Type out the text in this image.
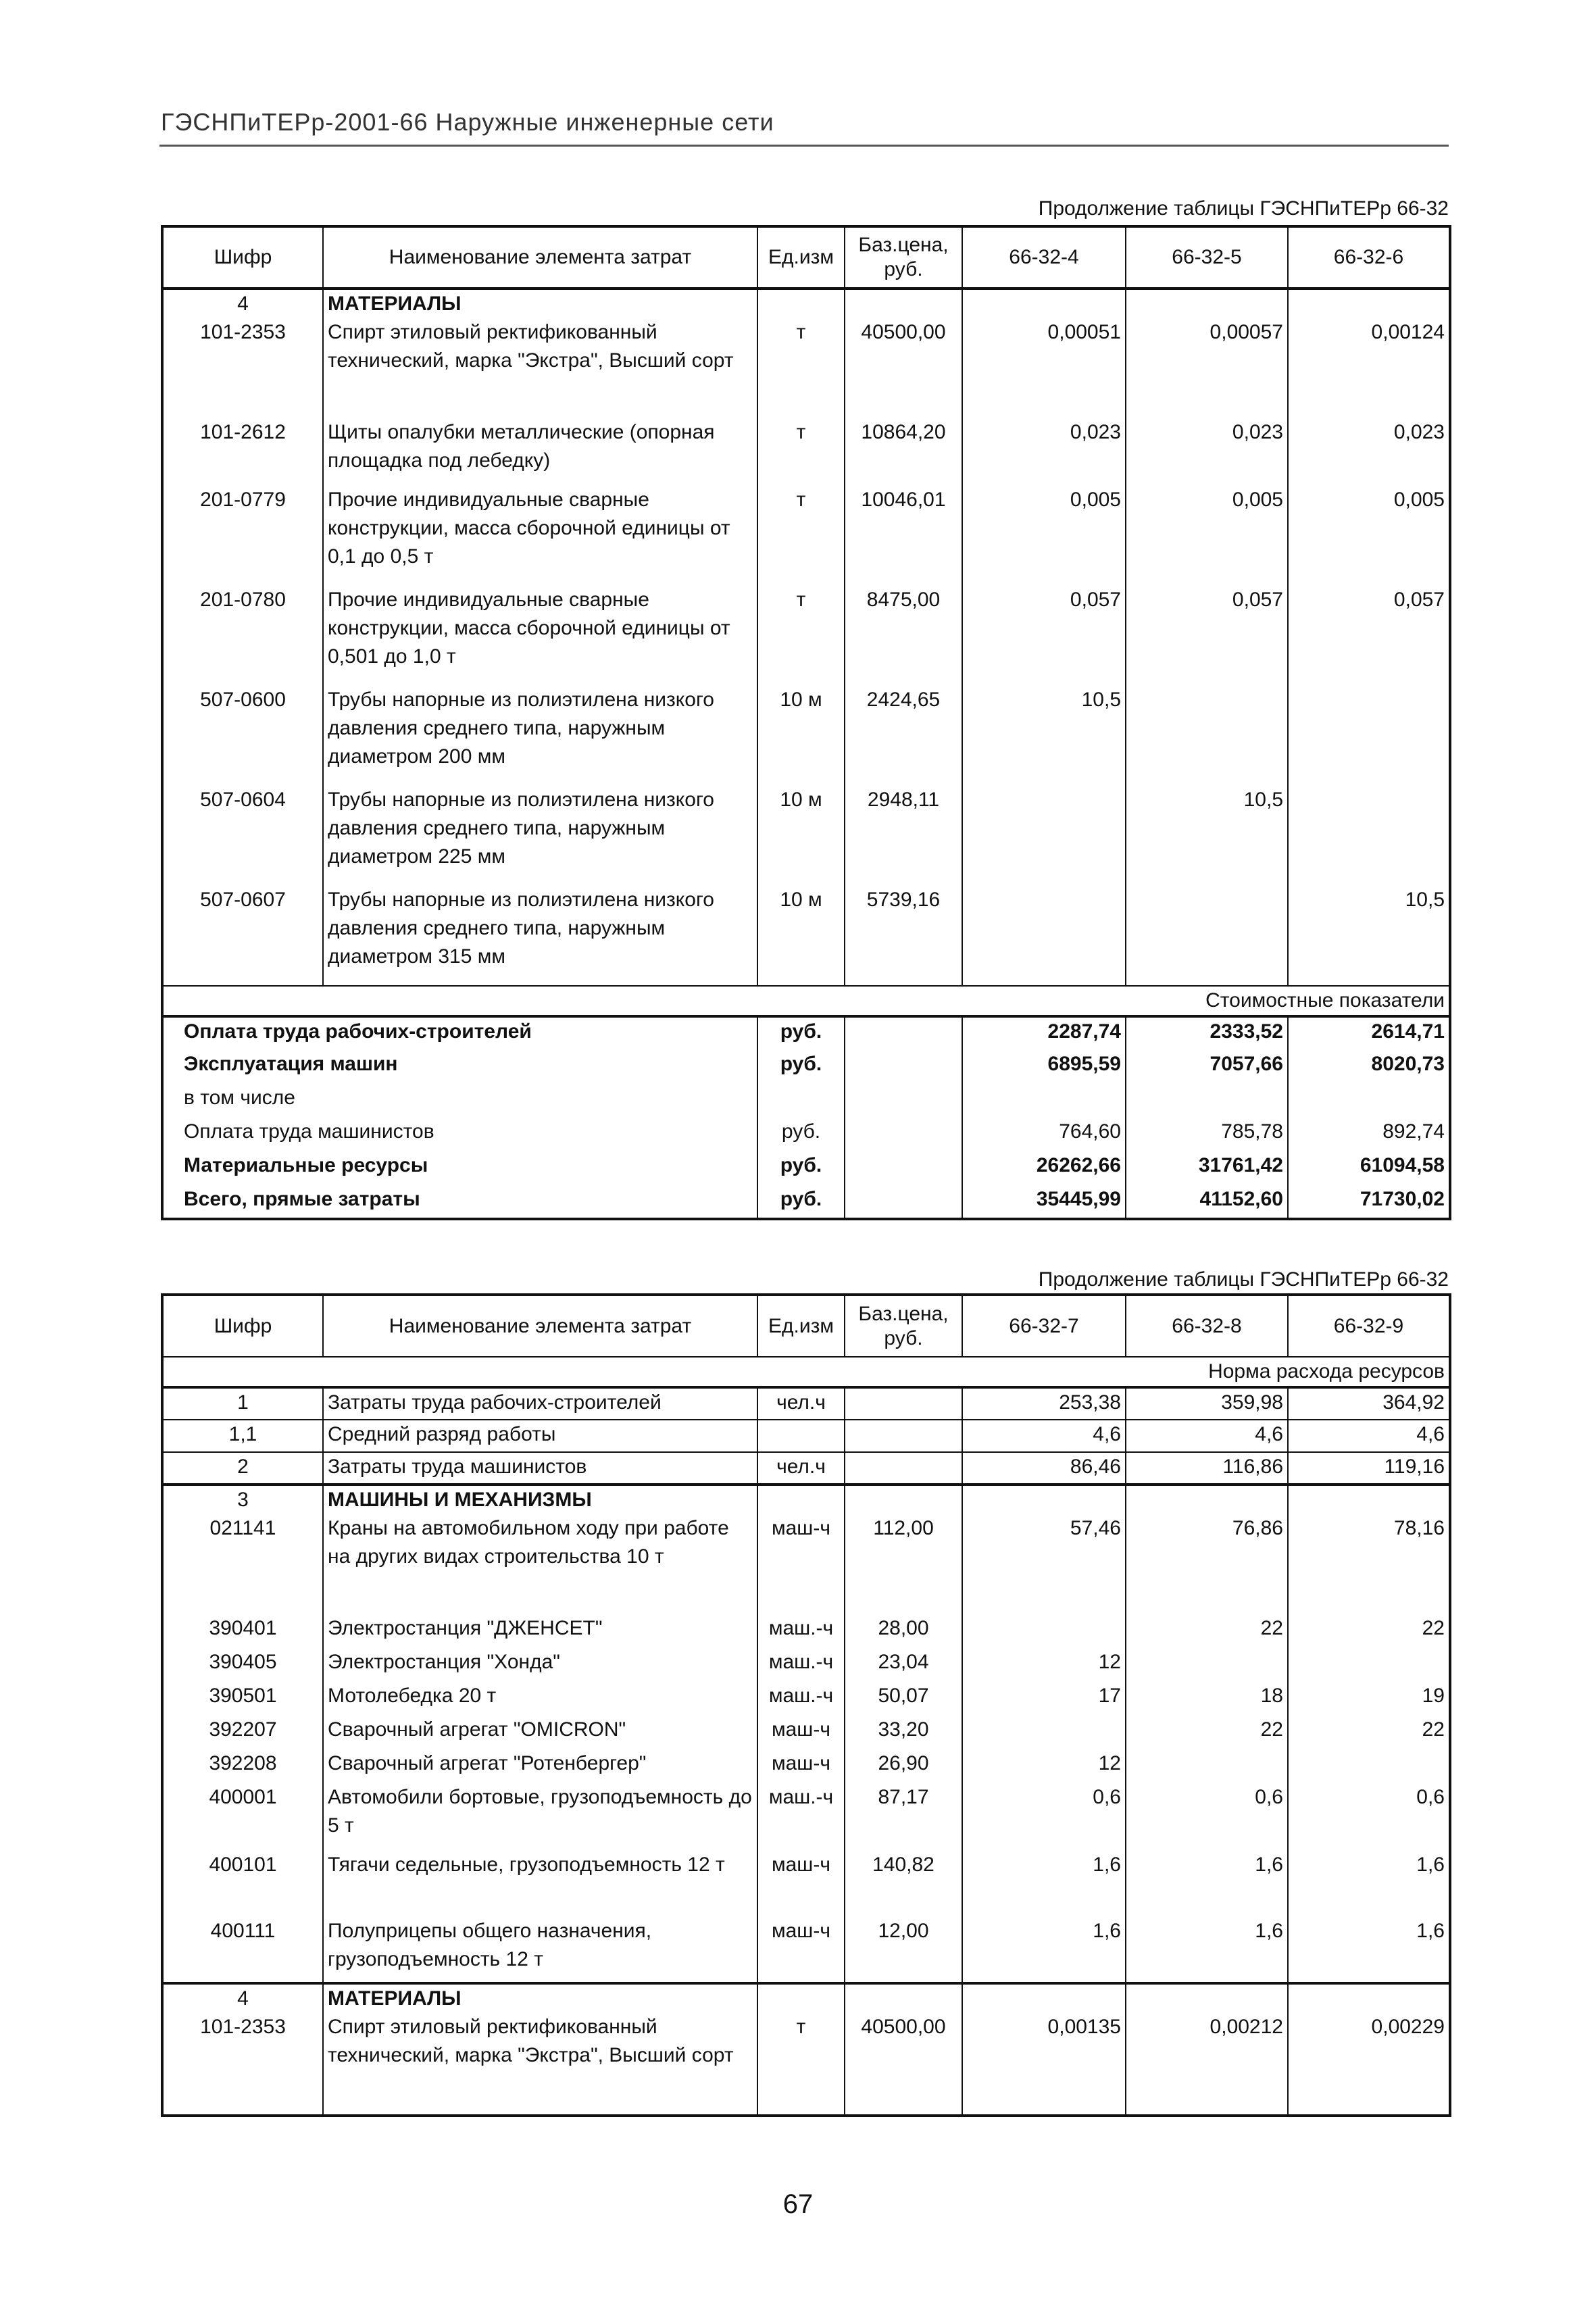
ГЭСНПиТЕРр-2001-66 Наружные инженерные сети
Продолжение таблицы ГЭСНПиТЕРр 66-32
Шифр	Наименование элемента затрат	Ед.изм	Баз.цена, руб.	66-32-4	66-32-5	66-32-6
4	МАТЕРИАЛЫ					
101-2353	Спирт этиловый ректификованный технический, марка "Экстра", Высший сорт	т	40500,00	0,00051	0,00057	0,00124
101-2612	Щиты опалубки металлические (опорная площадка под лебедку)	т	10864,20	0,023	0,023	0,023
201-0779	Прочие индивидуальные сварные конструкции, масса сборочной единицы от 0,1 до 0,5 т	т	10046,01	0,005	0,005	0,005
201-0780	Прочие индивидуальные сварные конструкции, масса сборочной единицы от 0,501 до 1,0 т	т	8475,00	0,057	0,057	0,057
507-0600	Трубы напорные из полиэтилена низкого давления среднего типа, наружным диаметром 200 мм	10 м	2424,65	10,5		
507-0604	Трубы напорные из полиэтилена низкого давления среднего типа, наружным диаметром 225 мм	10 м	2948,11		10,5	
507-0607	Трубы напорные из полиэтилена низкого давления среднего типа, наружным диаметром 315 мм	10 м	5739,16			10,5
Стоимостные показатели						
Оплата труда рабочих-строителей		руб.		2287,74	2333,52	2614,71
Эксплуатация машин		руб.		6895,59	7057,66	8020,73
в том числе						
Оплата труда машинистов		руб.		764,60	785,78	892,74
Материальные ресурсы		руб.		26262,66	31761,42	61094,58
Всего, прямые затраты		руб.		35445,99	41152,60	71730,02
Продолжение таблицы ГЭСНПиТЕРр 66-32
Шифр	Наименование элемента затрат	Ед.изм	Баз.цена, руб.	66-32-7	66-32-8	66-32-9
Норма расхода ресурсов						
1	Затраты труда рабочих-строителей	чел.ч		253,38	359,98	364,92
1,1	Средний разряд работы			4,6	4,6	4,6
2	Затраты труда машинистов	чел.ч		86,46	116,86	119,16
3	МАШИНЫ И МЕХАНИЗМЫ					
021141	Краны на автомобильном ходу при работе на других видах строительства 10 т	маш-ч	112,00	57,46	76,86	78,16
390401	Электростанция "ДЖЕНСЕТ"	маш.-ч	28,00		22	22
390405	Электростанция "Хонда"	маш.-ч	23,04	12		
390501	Мотолебедка 20 т	маш.-ч	50,07	17	18	19
392207	Сварочный агрегат "OMICRON"	маш-ч	33,20		22	22
392208	Сварочный агрегат "Ротенбергер"	маш-ч	26,90	12		
400001	Автомобили бортовые, грузоподъемность до 5 т	маш.-ч	87,17	0,6	0,6	0,6
400101	Тягачи седельные, грузоподъемность 12 т	маш-ч	140,82	1,6	1,6	1,6
400111	Полуприцепы общего назначения, грузоподъемность 12 т	маш-ч	12,00	1,6	1,6	1,6
4	МАТЕРИАЛЫ					
101-2353	Спирт этиловый ректификованный технический, марка "Экстра", Высший сорт	т	40500,00	0,00135	0,00212	0,00229
67
